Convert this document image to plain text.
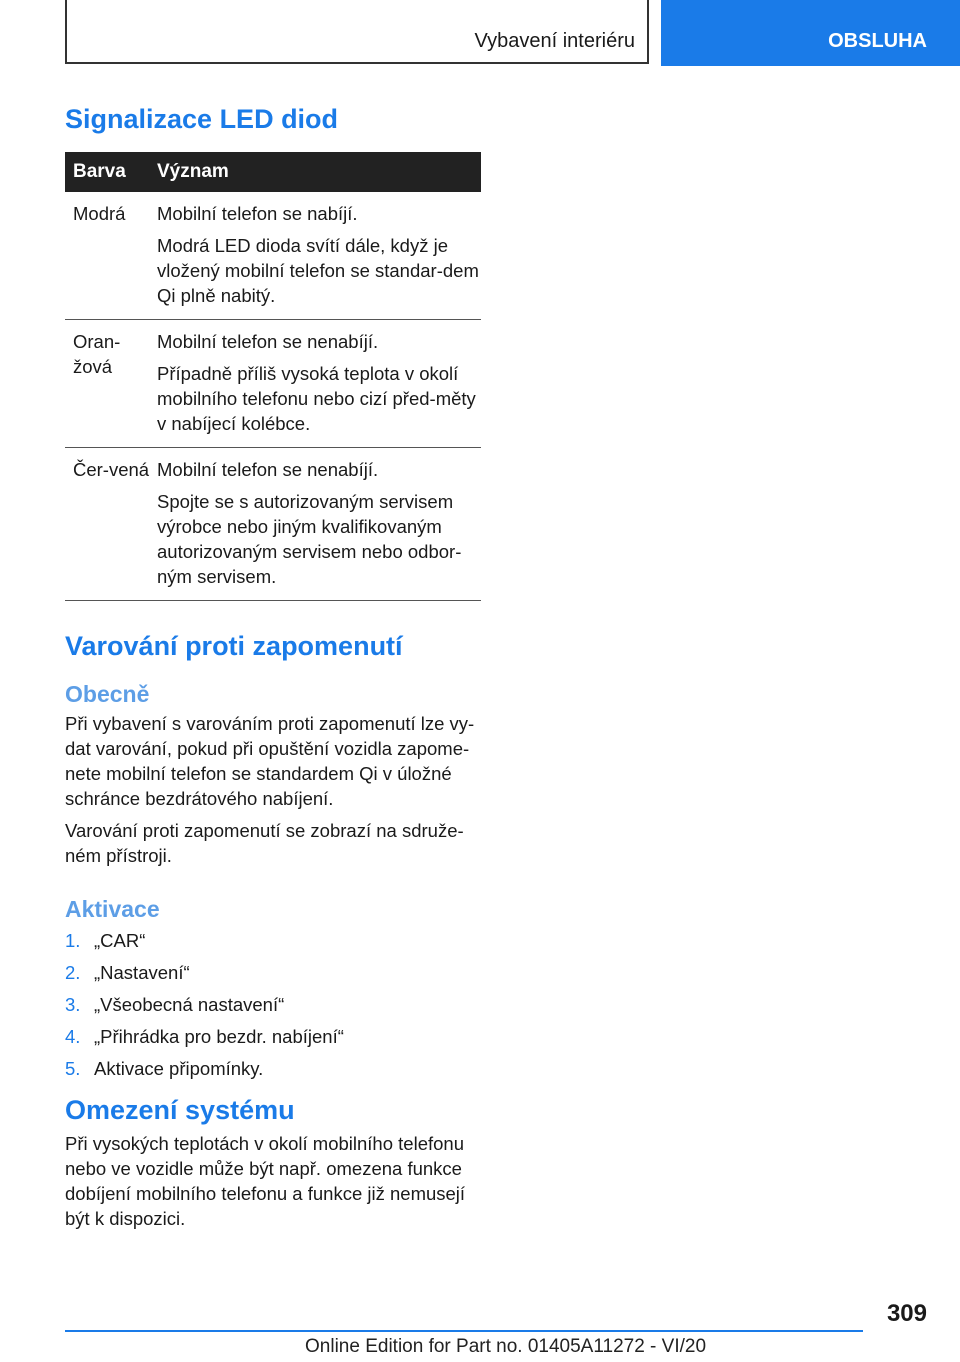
Vybavení interiéru	OBSLUHA
Signalizace LED diod
Barva	Význam
Modrá	Mobilní telefon se nabíjí.
Modrá LED dioda svítí dále, když je vložený mobilní telefon se standar-dem Qi plně nabitý.

Oran-žová	Mobilní telefon se nenabíjí.
Případně příliš vysoká teplota v okolí mobilního telefonu nebo cizí před-měty v nabíjecí kolébce.

Čer-vená	Mobilní telefon se nenabíjí.
Spojte se s autorizovaným servisem výrobce nebo jiným kvalifikovaným autorizovaným servisem nebo odbor-ným servisem.
Varování proti zapomenutí
Obecně

Při vybavení s varováním proti zapomenutí lze vy-dat varování, pokud při opuštění vozidla zapome-nete mobilní telefon se standardem Qi v úložné schránce bezdrátového nabíjení.

Varování proti zapomenutí se zobrazí na sdruže-ném přístroji.

Aktivace
1. „CAR“
2. „Nastavení“
3. „Všeobecná nastavení“
4. „Přihrádka pro bezdr. nabíjení“
5. Aktivace připomínky.
Omezení systému

Při vysokých teplotách v okolí mobilního telefonu nebo ve vozidle může být např. omezena funkce dobíjení mobilního telefonu a funkce již nemusejí být k dispozici.

309
Online Edition for Part no. 01405A11272 - VI/20
